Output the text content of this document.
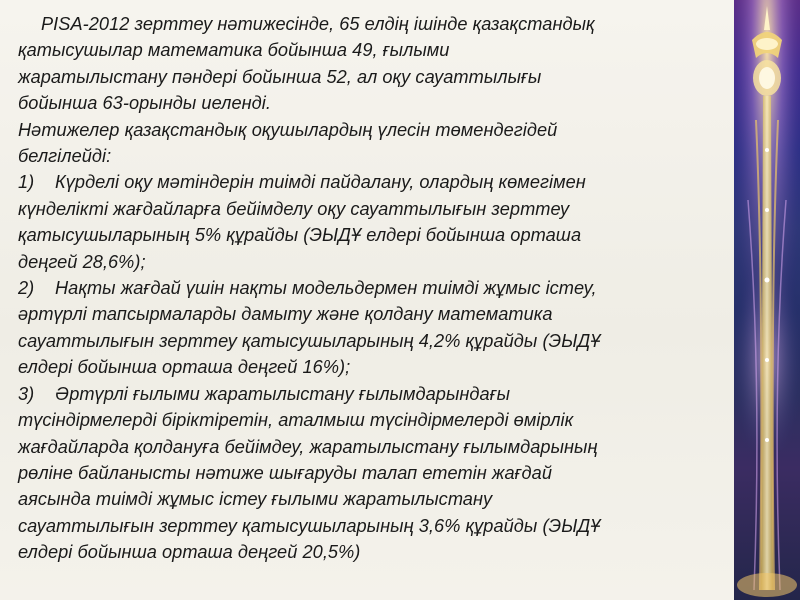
PISA-2012 зерттеу нәтижесінде, 65 елдің ішінде қазақстандық
қатысушылар математика бойынша 49, ғылыми
жаратылыстану пәндері бойынша 52, ал оқу сауаттылығы
бойынша 63-орынды иеленді.
Нәтижелер қазақстандық оқушылардың үлесін төмендегідей
белгілейді:
1) Күрделі оқу мәтіндерін тиімді пайдалану, олардың көмегімен
күнделікті жағдайларға бейімделу оқу сауаттылығын зерттеу
қатысушыларының 5% құрайды (ЭЫДҰ елдері бойынша орташа
деңгей 28,6%);
2) Нақты жағдай үшін нақты модельдермен тиімді жұмыс істеу,
әртүрлі тапсырмаларды дамыту және қолдану математика
сауаттылығын зерттеу қатысушыларының 4,2% құрайды (ЭЫДҰ
елдері бойынша орташа деңгей 16%);
3) Әртүрлі ғылыми жаратылыстану ғылымдарындағы
түсіндірмелерді біріктіретін, аталмыш түсіндірмелерді өмірлік
жағдайларда қолдануға бейімдеу, жаратылыстану ғылымдарының
рөліне байланысты нәтиже шығаруды талап ететін жағдай
аясында тиімді жұмыс істеу ғылыми жаратылыстану
сауаттылығын зерттеу қатысушыларының 3,6% құрайды (ЭЫДҰ
елдері бойынша орташа деңгей 20,5%)
